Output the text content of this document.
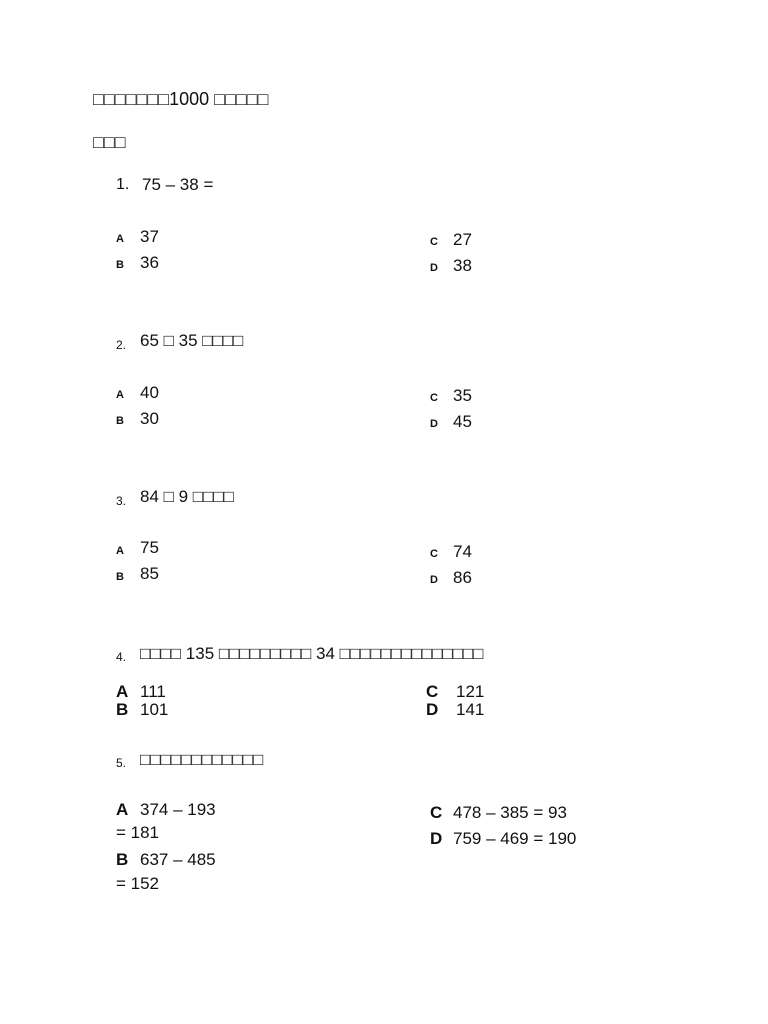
□□□□□□□1000 □□□□□
□□□
1. 75 – 38 =
A 37
B 36
C 27
D 38
2. 65 □ 35 □□□□
A 40
B 30
C 35
D 45
3. 84 □ 9 □□□□
A 75
B 85
C 74
D 86
4. □□□□ 135 □□□□□□□□□ 34 □□□□□□□□□□□□□□
A 111
B 101
C 121
D 141
5. □□□□□□□□□□□□
A 374 – 193
= 181
B 637 – 485
= 152
C 478 – 385 = 93
D 759 – 469 = 190
